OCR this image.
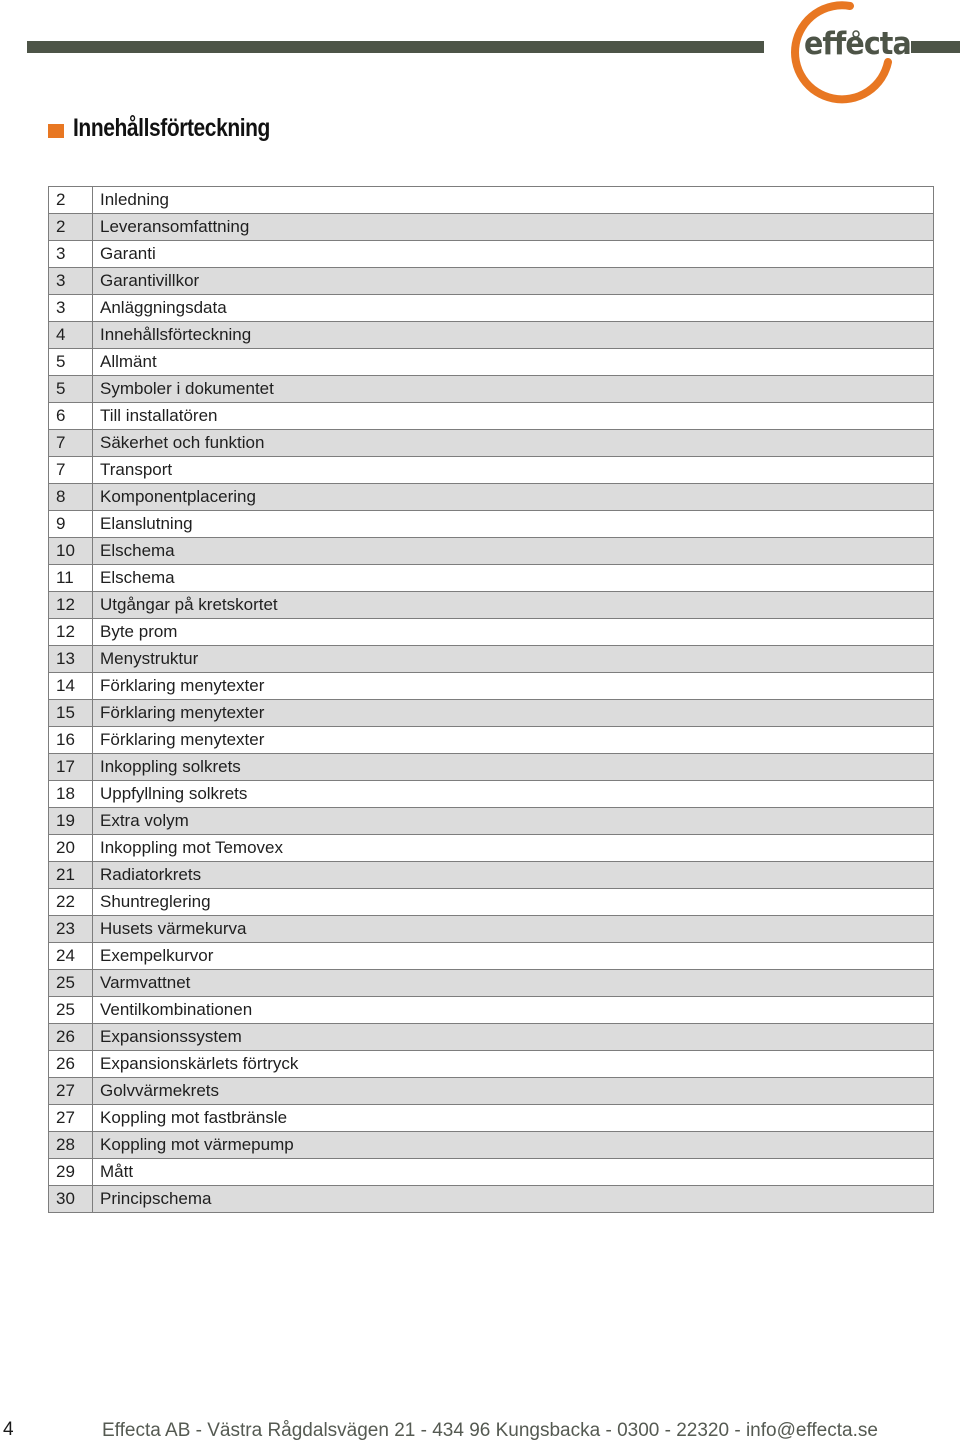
effecta
Innehållsförteckning
2	Inledning
2	Leveransomfattning
3	Garanti
3	Garantivillkor
3	Anläggningsdata
4	Innehållsförteckning
5	Allmänt
5	Symboler i dokumentet
6	Till installatören
7	Säkerhet och funktion
7	Transport
8	Komponentplacering
9	Elanslutning
10	Elschema
11	Elschema
12	Utgångar på kretskortet
12	Byte prom
13	Menystruktur
14	Förklaring menytexter
15	Förklaring menytexter
16	Förklaring menytexter
17	Inkoppling solkrets
18	Uppfyllning solkrets
19	Extra volym
20	Inkoppling mot Temovex
21	Radiatorkrets
22	Shuntreglering
23	Husets värmekurva
24	Exempelkurvor
25	Varmvattnet
25	Ventilkombinationen
26	Expansionssystem
26	Expansionskärlets förtryck
27	Golvvärmekrets
27	Koppling mot fastbränsle
28	Koppling mot värmepump
29	Mått
30	Principschema
4	Effecta AB - Västra Rågdalsvägen 21 - 434 96 Kungsbacka - 0300 - 22320 - info@effecta.se
